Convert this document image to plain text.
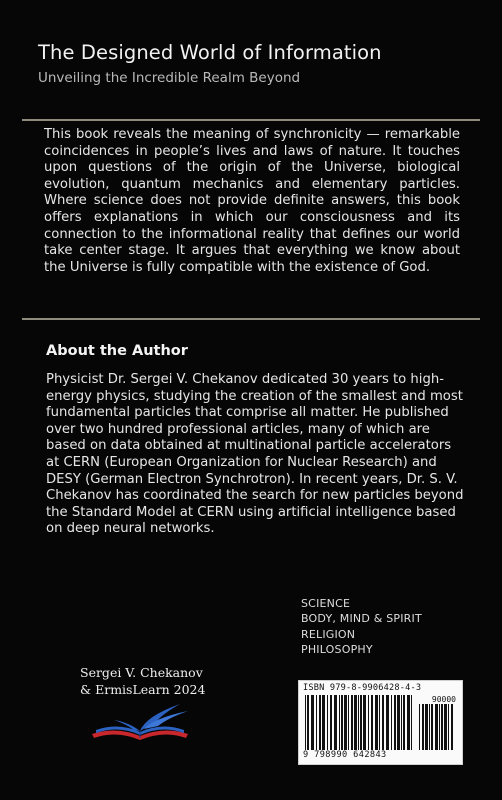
The Designed World of Information
Unveiling the Incredible Realm Beyond
This book reveals the meaning of synchronicity — remarkable coincidences in people’s lives and laws of nature. It touches upon questions of the origin of the Universe, biological evolution, quantum mechanics and elementary particles. Where science does not provide definite answers, this book offers explanations in which our consciousness and its connection to the informational reality that defines our world take center stage. It argues that everything we know about the Universe is fully compatible with the existence of God.
About the Author
Physicist Dr. Sergei V. Chekanov dedicated 30 years to high-energy physics, studying the creation of the smallest and most fundamental particles that comprise all matter. He published over two hundred professional articles, many of which are based on data obtained at multinational particle accelerators at CERN (European Organization for Nuclear Research) and DESY (German Electron Synchrotron). In recent years, Dr. S. V. Chekanov has coordinated the search for new particles beyond the Standard Model at CERN using artificial intelligence based on deep neural networks.
SCIENCE
BODY, MIND & SPIRIT
RELIGION
PHILOSOPHY
Sergei V. Chekanov
& ErmisLearn 2024	ISBN 979-8-9906428-4-3
90000
9 798990 642843
